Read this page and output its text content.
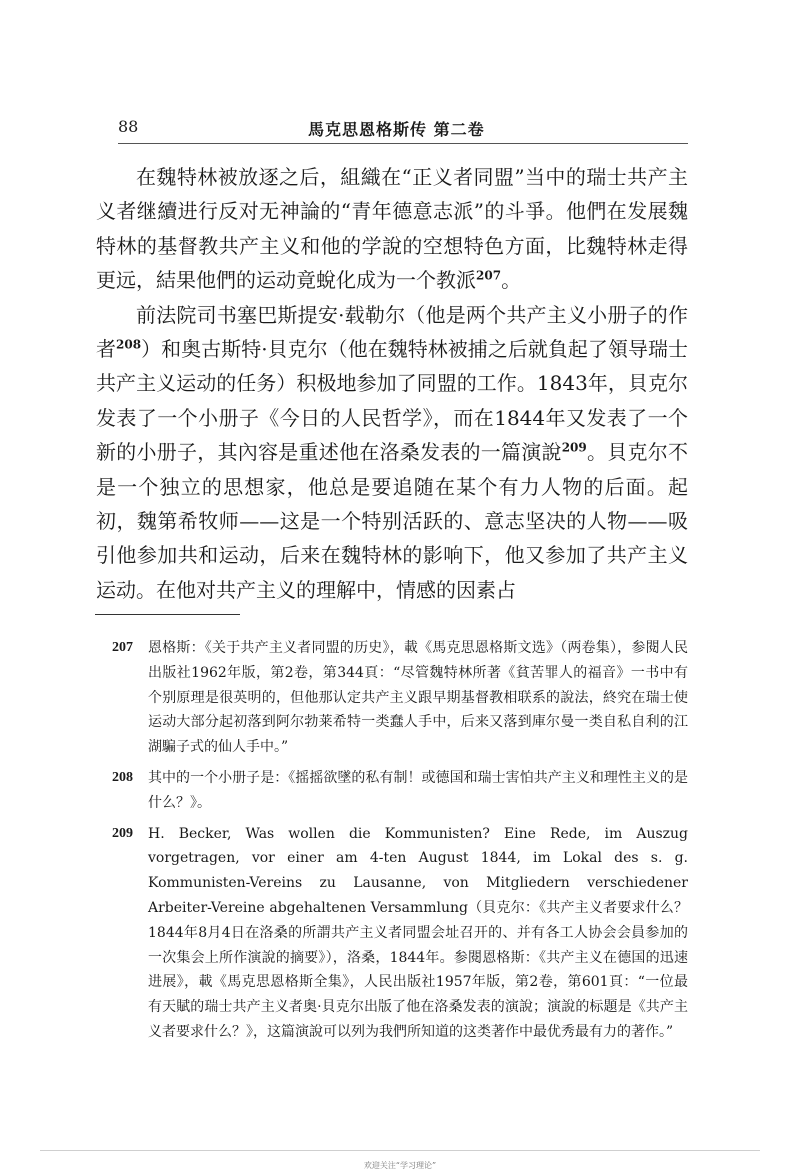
88	馬克思恩格斯传 第二卷

在魏特林被放逐之后，組織在“正义者同盟”当中的瑞士共产主义者继續进行反对无神論的“青年德意志派”的斗爭。他們在发展魏特林的基督教共产主义和他的学說的空想特色方面，比魏特林走得更远，結果他們的运动竟蛻化成为一个教派$^{207}$。

前法院司书塞巴斯提安·载勒尔（他是两个共产主义小册子的作者$^{208}$）和奥古斯特·貝克尔（他在魏特林被捕之后就負起了領导瑞士共产主义运动的任务）积极地参加了同盟的工作。1843年，貝克尔发表了一个小册子《今日的人民哲学》，而在1844年又发表了一个新的小册子，其內容是重述他在洛桑发表的一篇演說$^{209}$。貝克尔不是一个独立的思想家，他总是要追随在某个有力人物的后面。起初，魏第希牧师——这是一个特别活跃的、意志坚决的人物——吸引他参加共和运动，后来在魏特林的影响下，他又参加了共产主义运动。在他对共产主义的理解中，情感的因素占

207 恩格斯：《关于共产主义者同盟的历史》，載《馬克思恩格斯文选》（两卷集），参閱人民出版社1962年版，第2卷，第344頁：“尽管魏特林所著《貧苦罪人的福音》一书中有个别原理是很英明的，但他那认定共产主义跟早期基督教相联系的說法，終究在瑞士使运动大部分起初落到阿尔勃莱希特一类蠢人手中，后来又落到庫尔曼一类自私自利的江湖騙子式的仙人手中。”
208 其中的一个小册子是：《摇摇欲墜的私有制！或德国和瑞士害怕共产主义和理性主义的是什么？》。
209 H. Becker, Was wollen die Kommunisten? Eine Rede, im Auszug vorgetragen, vor einer am 4-ten August 1844, im Lokal des s. g. Kommunisten-Vereins zu Lausanne, von Mitgliedern verschiedener Arbeiter-Vereine abgehaltenen Versammlung（貝克尔：《共产主义者要求什么？1844年8月4日在洛桑的所謂共产主义者同盟会址召开的、并有各工人协会会員参加的一次集会上所作演說的摘要》），洛桑，1844年。参閱恩格斯：《共产主义在德国的迅速进展》，載《馬克思恩格斯全集》，人民出版社1957年版，第2卷，第601頁：“一位最有天賦的瑞士共产主义者奥·貝克尔出版了他在洛桑发表的演說；演說的标題是《共产主义者要求什么？》，这篇演說可以列为我們所知道的这类著作中最优秀最有力的著作。”
欢迎关注“学习理论”
